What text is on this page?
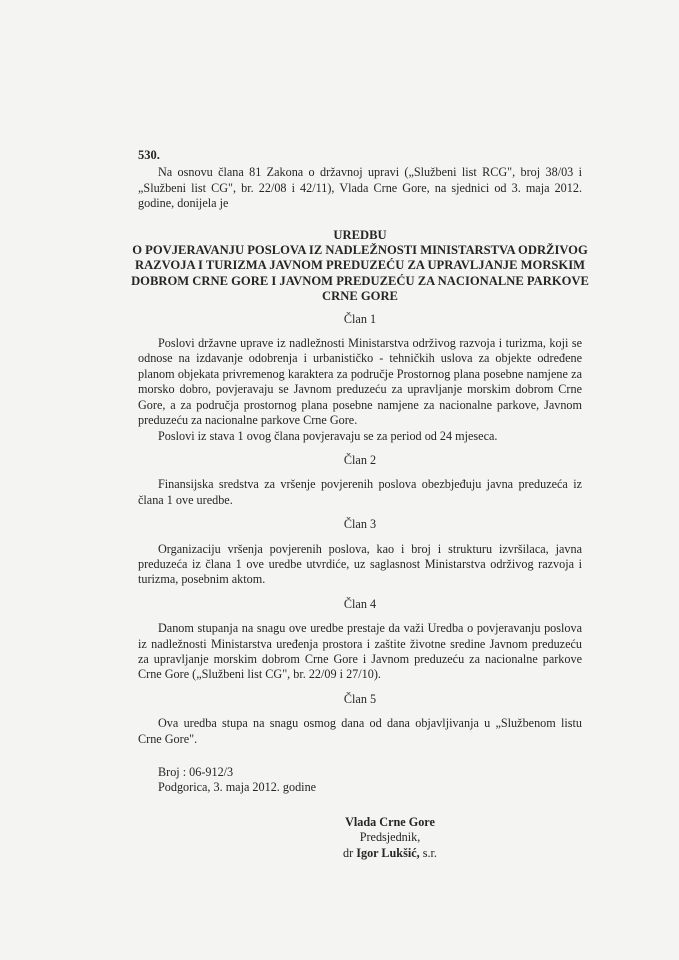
530.

Na osnovu člana 81 Zakona o državnoj upravi („Službeni list RCG", broj 38/03 i „Službeni list CG", br. 22/08 i 42/11), Vlada Crne Gore, na sjednici od 3. maja 2012. godine, donijela je

UREDBU
O POVJERAVANJU POSLOVA IZ NADLEŽNOSTI MINISTARSTVA ODRŽIVOG RAZVOJA I TURIZMA JAVNOM PREDUZEĆU ZA UPRAVLJANJE MORSKIM DOBROM CRNE GORE I JAVNOM PREDUZEĆU ZA NACIONALNE PARKOVE CRNE GORE
Član 1

Poslovi državne uprave iz nadležnosti Ministarstva održivog razvoja i turizma, koji se odnose na izdavanje odobrenja i urbanističko - tehničkih uslova za objekte određene planom objekata privremenog karaktera za područje Prostornog plana posebne namjene za morsko dobro, povjeravaju se Javnom preduzeću za upravljanje morskim dobrom Crne Gore, a za područja prostornog plana posebne namjene za nacionalne parkove, Javnom preduzeću za nacionalne parkove Crne Gore.

Poslovi iz stava 1 ovog člana povjeravaju se za period od 24 mjeseca.

Član 2

Finansijska sredstva za vršenje povjerenih poslova obezbjeđuju javna preduzeća iz člana 1 ove uredbe.

Član 3

Organizaciju vršenja povjerenih poslova, kao i broj i strukturu izvršilaca, javna preduzeća iz člana 1 ove uredbe utvrdiće, uz saglasnost Ministarstva održivog razvoja i turizma, posebnim aktom.

Član 4

Danom stupanja na snagu ove uredbe prestaje da važi Uredba o povjeravanju poslova iz nadležnosti Ministarstva uređenja prostora i zaštite životne sredine Javnom preduzeću za upravljanje morskim dobrom Crne Gore i Javnom preduzeću za nacionalne parkove Crne Gore („Službeni list CG", br. 22/09 i 27/10).

Član 5

Ova uredba stupa na snagu osmog dana od dana objavljivanja u „Službenom listu Crne Gore".

Broj : 06-912/3
Podgorica, 3. maja 2012. godine
Vlada Crne Gore
Predsjednik,
dr Igor Lukšić, s.r.
